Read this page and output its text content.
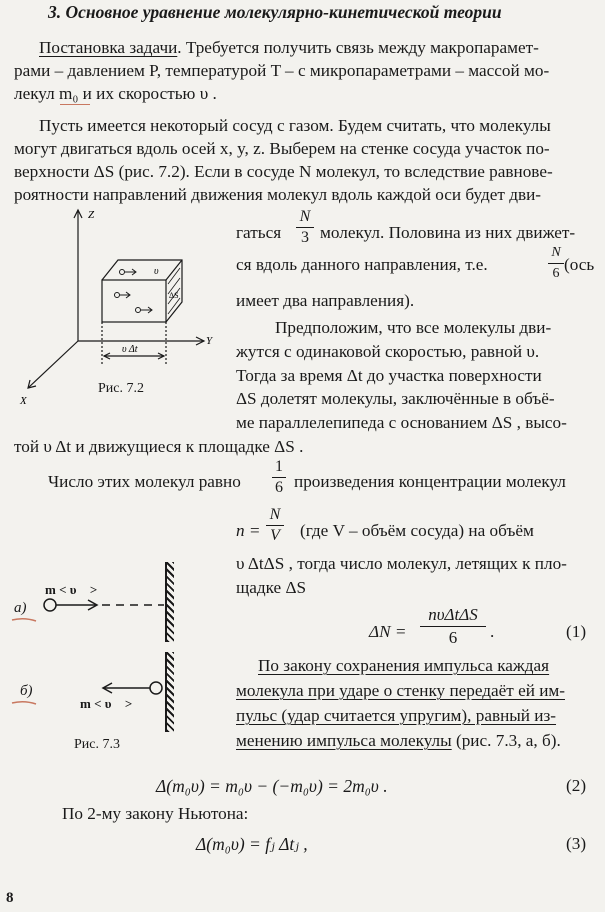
3. Основное уравнение молекулярно-кинетической теории
Постановка задачи. Требуется получить связь между макропарамет-
рами – давлением P, температурой T – с микропараметрами – массой мо-
лекул m₀ и их скоростью υ .
Пусть имеется некоторый сосуд с газом. Будем считать, что молекулы
могут двигаться вдоль осей x, y, z. Выберем на стенке сосуда участок по-
верхности ΔS (рис. 7.2). Если в сосуде N молекул, то вследствие равнове-
роятности направлений движения молекул вдоль каждой оси будет дви-
гаться
N
3 молекул. Половина из них движет-
ся вдоль данного направления, т.е.
N
6 (ось
имеет два направления).
Предположим, что все молекулы дви-
жутся с одинаковой скоростью, равной υ.
Тогда за время Δt до участка поверхности
ΔS долетят молекулы, заключённые в объё-
ме параллелепипеда с основанием ΔS , высо-
той υ Δt и движущиеся к площадке ΔS .
Z
Y
X
υ
υ Δt
ΔS
Рис. 7.2
Число этих молекул равно
1
6 произведения концентрации молекул
n =
N
V (где V – объём сосуда) на объём
υ ΔtΔS , тогда число молекул, летящих к пло-
щадке ΔS
ΔN =
nυΔtΔS
6	.	(1)
По закону сохранения импульса каждая
молекула при ударе о стенку передаёт ей им-
пульс (удар считается упругим), равный из-
менению импульса молекулы (рис. 7.3, а, б).
m < υ⃗ >
а)
б)
m < υ⃗ >
Рис. 7.3
Δ(m₀υ) = m₀υ − (−m₀υ) = 2m₀υ .	(2)
По 2-му закону Ньютона:
Δ(m₀υ) = fⱼ Δtⱼ ,	(3)
8
